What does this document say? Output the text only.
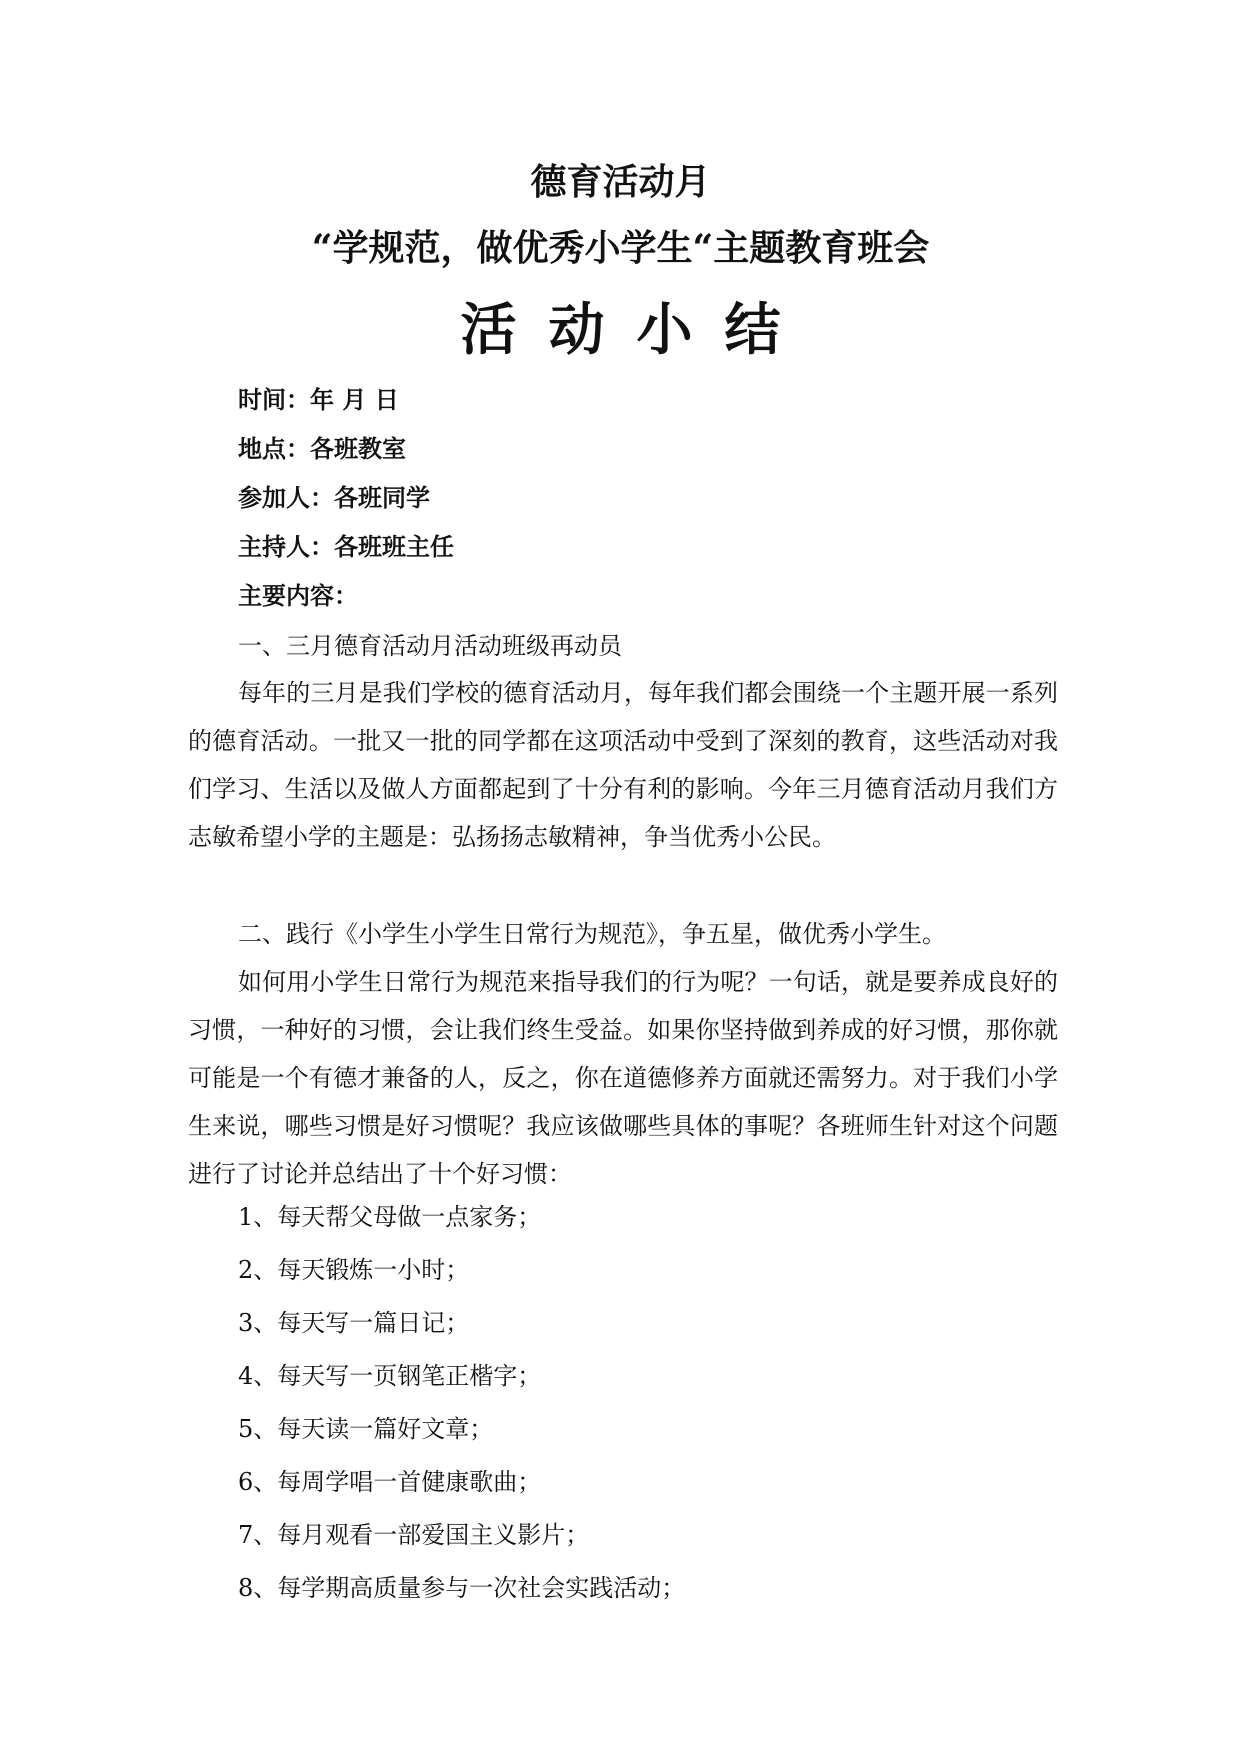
德育活动月
“学规范，做优秀小学生“主题教育班会
活动小结
时间：年 月 日
地点：各班教室
参加人：各班同学
主持人：各班班主任
主要内容：
一、三月德育活动月活动班级再动员

每年的三月是我们学校的德育活动月，每年我们都会围绕一个主题开展一系列的德育活动。一批又一批的同学都在这项活动中受到了深刻的教育，这些活动对我们学习、生活以及做人方面都起到了十分有利的影响。今年三月德育活动月我们方志敏希望小学的主题是：弘扬扬志敏精神，争当优秀小公民。

二、践行《小学生小学生日常行为规范》，争五星，做优秀小学生。

如何用小学生日常行为规范来指导我们的行为呢？一句话，就是要养成良好的习惯，一种好的习惯，会让我们终生受益。如果你坚持做到养成的好习惯，那你就可能是一个有德才兼备的人，反之，你在道德修养方面就还需努力。对于我们小学生来说，哪些习惯是好习惯呢？我应该做哪些具体的事呢？各班师生针对这个问题进行了讨论并总结出了十个好习惯：

1、每天帮父母做一点家务；
2、每天锻炼一小时；
3、每天写一篇日记；
4、每天写一页钢笔正楷字；
5、每天读一篇好文章；
6、每周学唱一首健康歌曲；
7、每月观看一部爱国主义影片；
8、每学期高质量参与一次社会实践活动；
